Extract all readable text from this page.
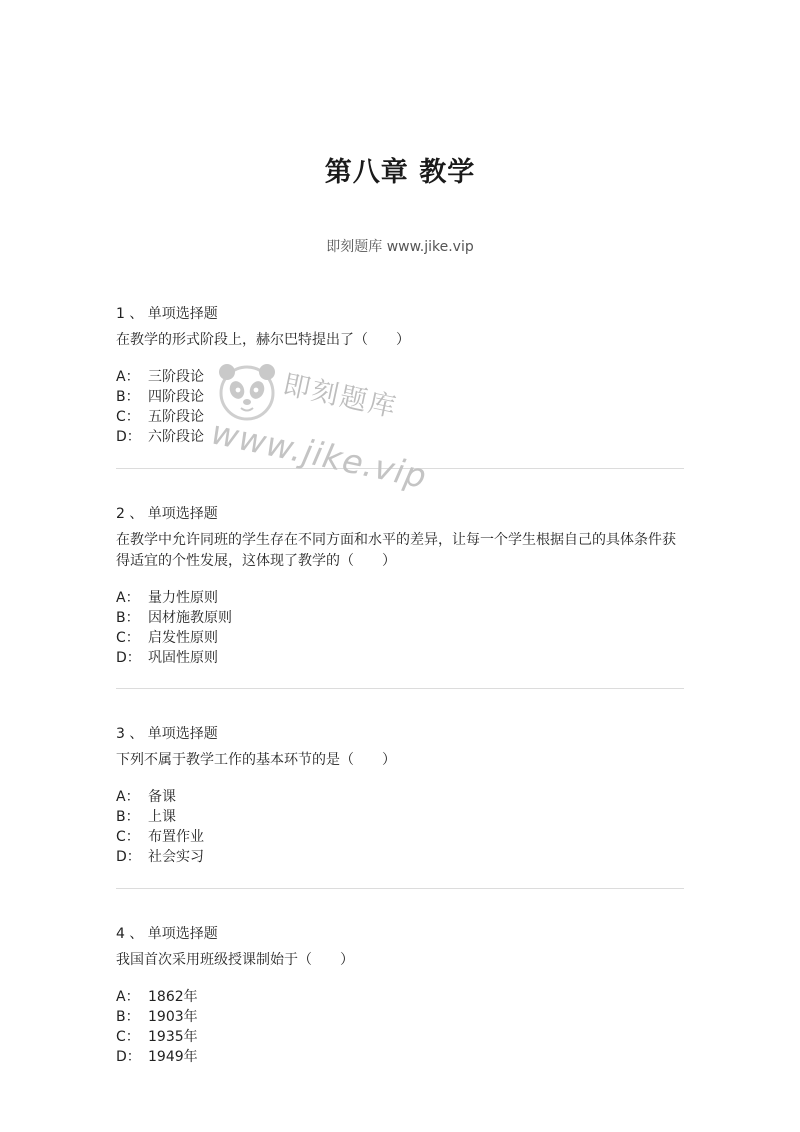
第八章 教学
即刻题库 www.jike.vip
1 、 单项选择题
在教学的形式阶段上，赫尔巴特提出了（　　）
A： 三阶段论
B： 四阶段论
C： 五阶段论
D： 六阶段论
2 、 单项选择题
在教学中允许同班的学生存在不同方面和水平的差异，让每一个学生根据自己的具体条件获得适宜的个性发展，这体现了教学的（　　）
A： 量力性原则
B： 因材施教原则
C： 启发性原则
D： 巩固性原则
3 、 单项选择题
下列不属于教学工作的基本环节的是（　　）
A： 备课
B： 上课
C： 布置作业
D： 社会实习
4 、 单项选择题
我国首次采用班级授课制始于（　　）
A： 1862年
B： 1903年
C： 1935年
D： 1949年
即刻题库
www.jike.vip
